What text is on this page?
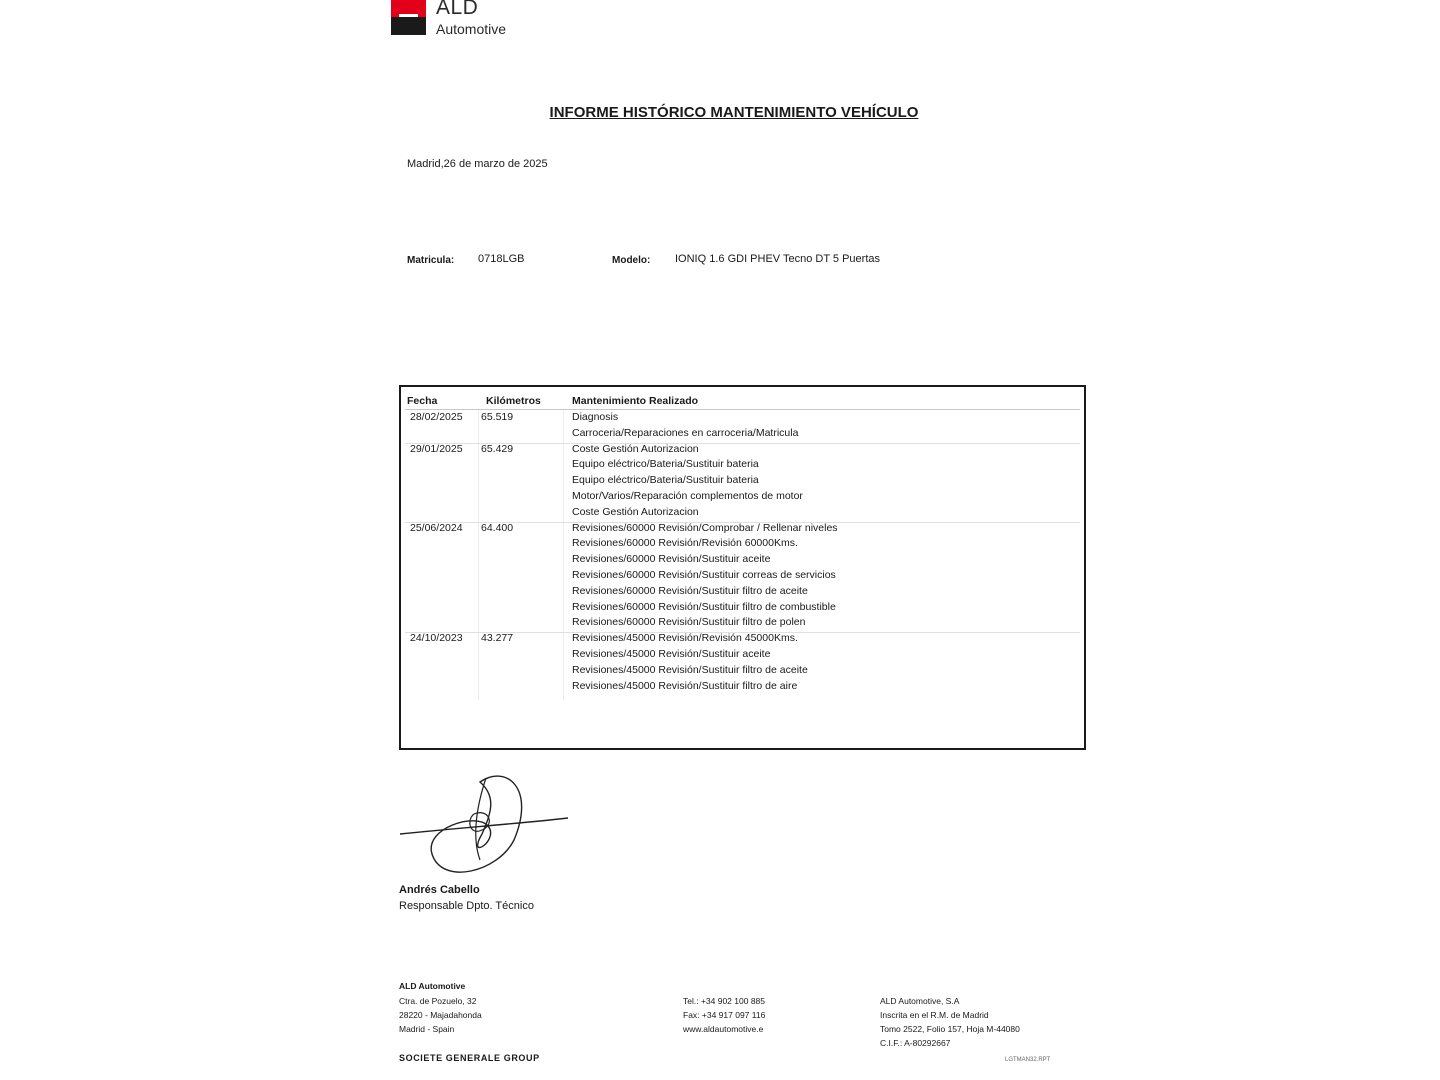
ALD
Automotive
INFORME HISTÓRICO MANTENIMIENTO VEHÍCULO
Madrid,26 de marzo de 2025
Matricula: 0718LGB	Modelo: IONIQ 1.6 GDI PHEV Tecno DT 5 Puertas
Fecha	Kilómetros	Mantenimiento Realizado
28/02/2025 65.519	Diagnosis
Carroceria/Reparaciones en carroceria/Matricula
29/01/2025 65.429	Coste Gestión Autorizacion
Equipo eléctrico/Bateria/Sustituir bateria
Equipo eléctrico/Bateria/Sustituir bateria
Motor/Varios/Reparación complementos de motor
Coste Gestión Autorizacion
25/06/2024 64.400	Revisiones/60000 Revisión/Comprobar / Rellenar niveles
Revisiones/60000 Revisión/Revisión 60000Kms.
Revisiones/60000 Revisión/Sustituir aceite
Revisiones/60000 Revisión/Sustituir correas de servicios
Revisiones/60000 Revisión/Sustituir filtro de aceite
Revisiones/60000 Revisión/Sustituir filtro de combustible
Revisiones/60000 Revisión/Sustituir filtro de polen
24/10/2023 43.277	Revisiones/45000 Revisión/Revisión 45000Kms.
Revisiones/45000 Revisión/Sustituir aceite
Revisiones/45000 Revisión/Sustituir filtro de aceite
Revisiones/45000 Revisión/Sustituir filtro de aire
Andrés Cabello
Responsable Dpto. Técnico
ALD Automotive
Ctra. de Pozuelo, 32
28220 - Majadahonda
Madrid - Spain
Tel.: +34 902 100 885
Fax: +34 917 097 116
www.aldautomotive.e
ALD Automotive, S.A
Inscrita en el R.M. de Madrid
Tomo 2522, Folio 157, Hoja M-44080
C.I.F.: A-80292667
SOCIETE GENERALE GROUP	LGTMAN32.RPT
